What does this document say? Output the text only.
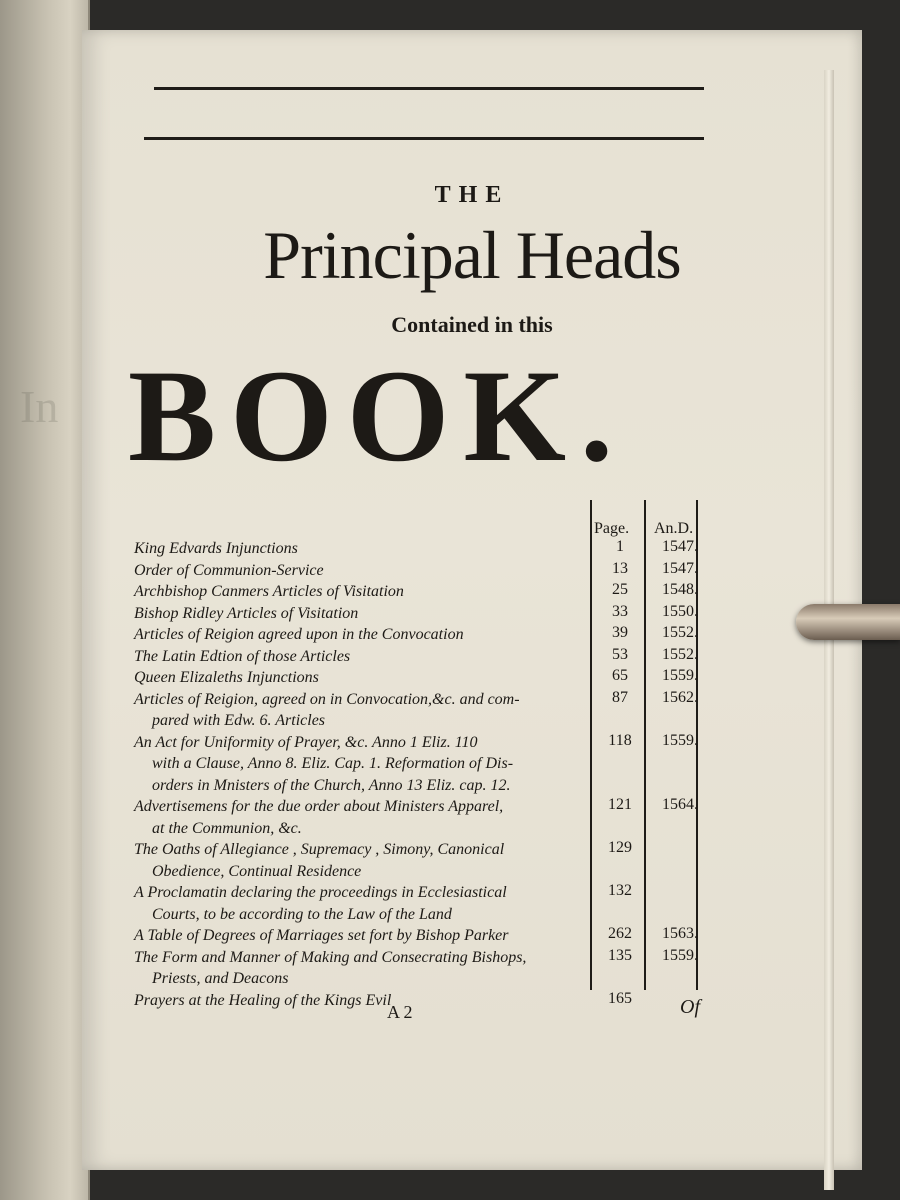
In
THE
Principal Heads
Contained in this
BOOK.
Page. An.D.
King Edvards Injunctions	1	1547.
Order of Communion-Service	13	1547.
Archbishop Canmers Articles of Visitation	25	1548.
Bishop Ridley Articles of Visitation	33	1550.
Articles of Reigion agreed upon in the Convocation	39	1552.
The Latin Edtion of those Articles	53	1552.
Queen Elizaleths Injunctions	65	1559.
Articles of Reigion, agreed on in Convocation,&c. and com-	87	1562.
pared with Edw. 6. Articles
An Act for Uniformity of Prayer, &c. Anno 1 Eliz. 110	118	1559.
with a Clause, Anno 8. Eliz. Cap. 1. Reformation of Dis-
orders in Mnisters of the Church, Anno 13 Eliz. cap. 12.
Advertisemens for the due order about Ministers Apparel,	121	1564.
at the Communion, &c.
The Oaths of Allegiance , Supremacy , Simony, Canonical	129
Obedience, Continual Residence
A Proclamatin declaring the proceedings in Ecclesiastical	132
Courts, to be according to the Law of the Land
A Table of Degrees of Marriages set fort by Bishop Parker	262	1563.
The Form and Manner of Making and Consecrating Bishops,	135	1559.
Priests, and Deacons
Prayers at the Healing of the Kings Evil	165
A 2	Of
